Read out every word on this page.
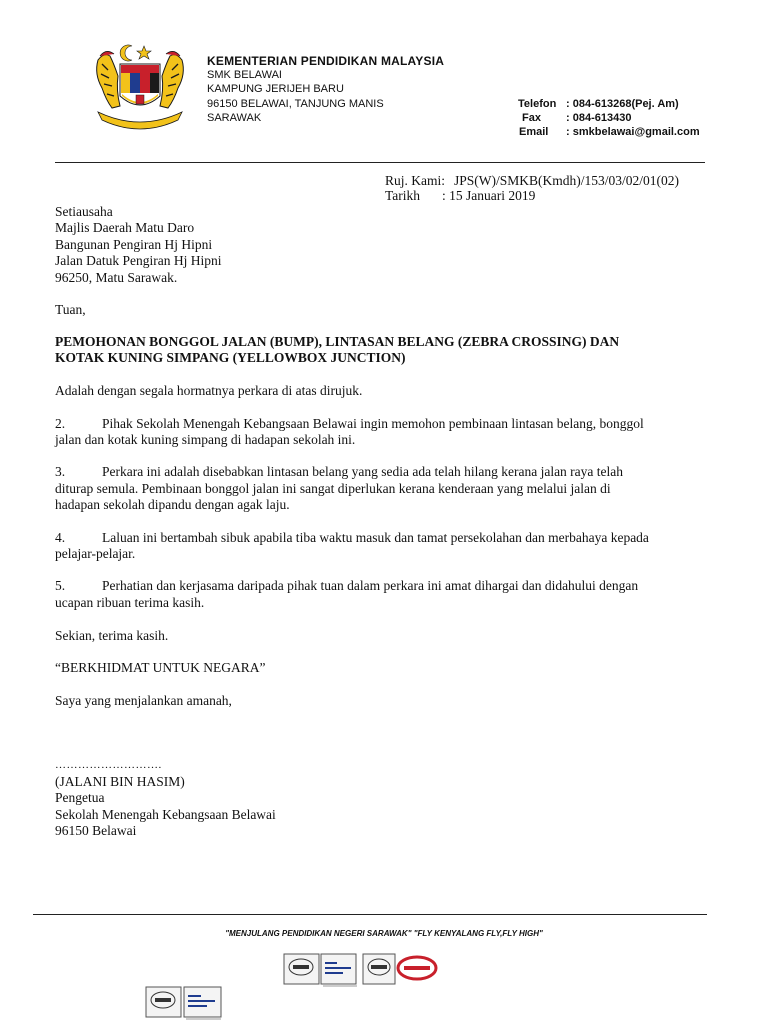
KEMENTERIAN PENDIDIKAN MALAYSIA
SMK BELAWAI
KAMPUNG JERIJEH BARU
96150 BELAWAI, TANJUNG MANIS
SARAWAK
Telefon : 084-613268(Pej. Am)
Fax : 084-613430
Email : smkbelawai@gmail.com
Ruj. Kami: JPS(W)/SMKB(Kmdh)/153/03/02/01(02)
Tarikh : 15 Januari 2019
Setiausaha
Majlis Daerah Matu Daro
Bangunan Pengiran Hj Hipni
Jalan Datuk Pengiran Hj Hipni
96250, Matu Sarawak.
Tuan,
PEMOHONAN BONGGOL JALAN (BUMP), LINTASAN BELANG (ZEBRA CROSSING) DAN
KOTAK KUNING SIMPANG (YELLOWBOX JUNCTION)
Adalah dengan segala hormatnya perkara di atas dirujuk.
2.	Pihak Sekolah Menengah Kebangsaan Belawai ingin memohon pembinaan lintasan belang, bonggol
jalan dan kotak kuning simpang di hadapan sekolah ini.
3.	Perkara ini adalah disebabkan lintasan belang yang sedia ada telah hilang kerana jalan raya telah
diturap semula. Pembinaan bonggol jalan ini sangat diperlukan kerana kenderaan yang melalui jalan di
hadapan sekolah dipandu dengan agak laju.
4.	Laluan ini bertambah sibuk apabila tiba waktu masuk dan tamat persekolahan dan merbahaya kepada
pelajar-pelajar.
5.	Perhatian dan kerjasama daripada pihak tuan dalam perkara ini amat dihargai dan didahului dengan
ucapan ribuan terima kasih.
Sekian, terima kasih.
“BERKHIDMAT UNTUK NEGARA”
Saya yang menjalankan amanah,
……………………….
(JALANI BIN HASIM)
Pengetua
Sekolah Menengah Kebangsaan Belawai
96150 Belawai
"MENJULANG PENDIDIKAN NEGERI SARAWAK" "FLY KENYALANG FLY,FLY HIGH"
